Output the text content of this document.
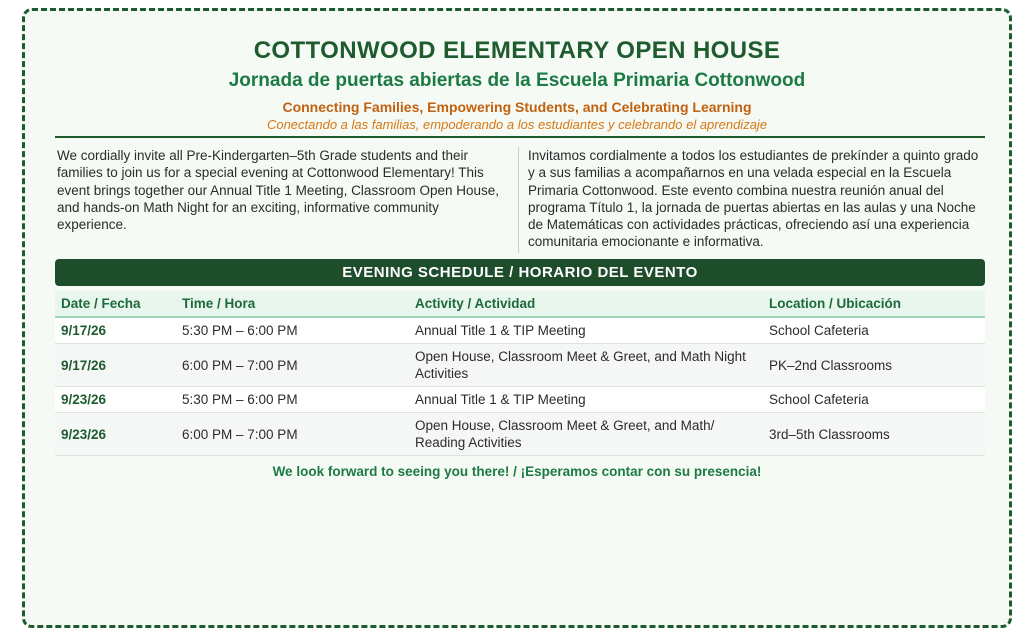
COTTONWOOD ELEMENTARY OPEN HOUSE
Jornada de puertas abiertas de la Escuela Primaria Cottonwood
Connecting Families, Empowering Students, and Celebrating Learning
Conectando a las familias, empoderando a los estudiantes y celebrando el aprendizaje

We cordially invite all Pre-Kindergarten–5th Grade students and their families to join us for a special evening at Cottonwood Elementary! This event brings together our Annual Title 1 Meeting, Classroom Open House, and hands-on Math Night for an exciting, informative community experience.

Invitamos cordialmente a todos los estudiantes de prekínder a quinto grado y a sus familias a acompañarnos en una velada especial en la Escuela Primaria Cottonwood. Este evento combina nuestra reunión anual del programa Título 1, la jornada de puertas abiertas en las aulas y una Noche de Matemáticas con actividades prácticas, ofreciendo así una experiencia comunitaria emocionante e informativa.

EVENING SCHEDULE / HORARIO DEL EVENTO
Date / Fecha	Time / Hora	Activity / Actividad	Location / Ubicación
9/17/26	5:30 PM – 6:00 PM	Annual Title 1 & TIP Meeting	School Cafeteria
9/17/26	6:00 PM – 7:00 PM	Open House, Classroom Meet & Greet, and Math Night Activities	PK–2nd Classrooms
9/23/26	5:30 PM – 6:00 PM	Annual Title 1 & TIP Meeting	School Cafeteria
9/23/26	6:00 PM – 7:00 PM	Open House, Classroom Meet & Greet, and Math/ Reading Activities	3rd–5th Classrooms
We look forward to seeing you there! / ¡Esperamos contar con su presencia!
